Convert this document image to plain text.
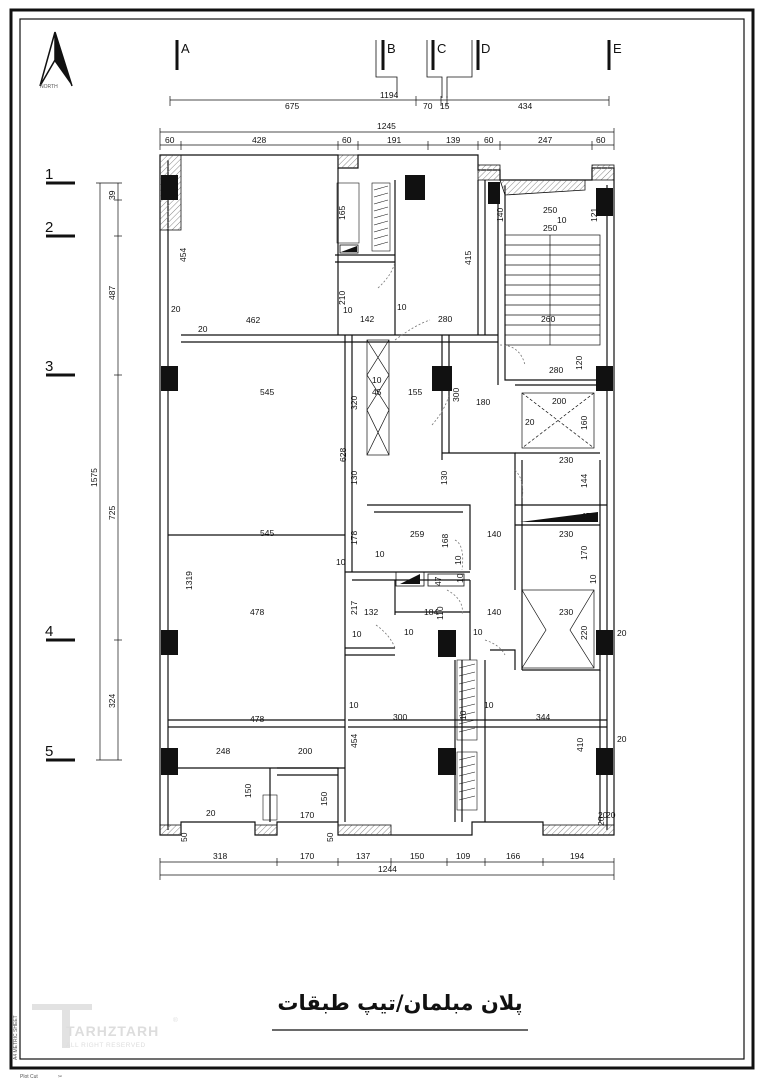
NORTH
A	B	C	D	E
1194
675	70 15	434
1245
60	428	60	191	139	60	247	60
1
2
3
4
5
1575
39
487
725
324
454
462
20
20
165
210
142
10
10
415
280
140	250
10
250
121
260
120
280
545
320
10
45	155	300 180	200
20	160
628
130	130
230
144
45
545
1319
178
10
10
259 168
10
140	230
170
10
47 10
478	217 132
10
184
110
10	10
140	230
220	20
10
478
10
454
300
10
344
410	20
248	200
150
150
170
20
50
50
20
20
20
318	170	137	150	109	166	194
1244
پلان مبلمان/تیپ طبقات
TARHZTARH
®
ALL RIGHT RESERVED
Plot Cut	✂
A4 METRIC SHEET
